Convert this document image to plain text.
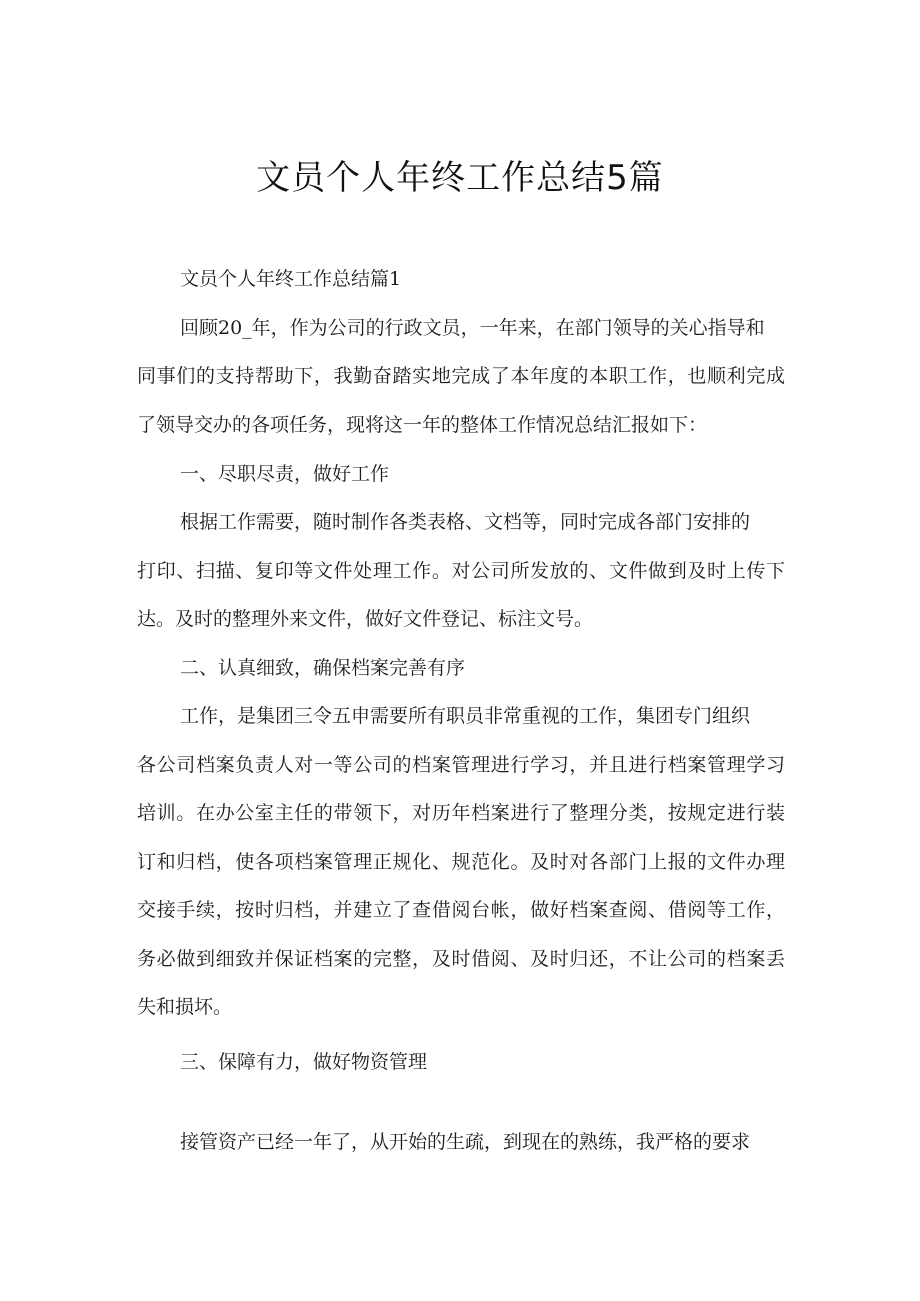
文员个人年终工作总结5篇

文员个人年终工作总结篇1

回顾20_年，作为公司的行政文员，一年来，在部门领导的关心指导和

同事们的支持帮助下，我勤奋踏实地完成了本年度的本职工作，也顺利完成

了领导交办的各项任务，现将这一年的整体工作情况总结汇报如下：

一、尽职尽责，做好工作

根据工作需要，随时制作各类表格、文档等，同时完成各部门安排的

打印、扫描、复印等文件处理工作。对公司所发放的、文件做到及时上传下

达。及时的整理外来文件，做好文件登记、标注文号。

二、认真细致，确保档案完善有序

工作，是集团三令五申需要所有职员非常重视的工作，集团专门组织

各公司档案负责人对一等公司的档案管理进行学习，并且进行档案管理学习

培训。在办公室主任的带领下，对历年档案进行了整理分类，按规定进行装

订和归档，使各项档案管理正规化、规范化。及时对各部门上报的文件办理

交接手续，按时归档，并建立了查借阅台帐，做好档案查阅、借阅等工作，

务必做到细致并保证档案的完整，及时借阅、及时归还，不让公司的档案丢

失和损坏。

三、保障有力，做好物资管理

接管资产已经一年了，从开始的生疏，到现在的熟练，我严格的要求
